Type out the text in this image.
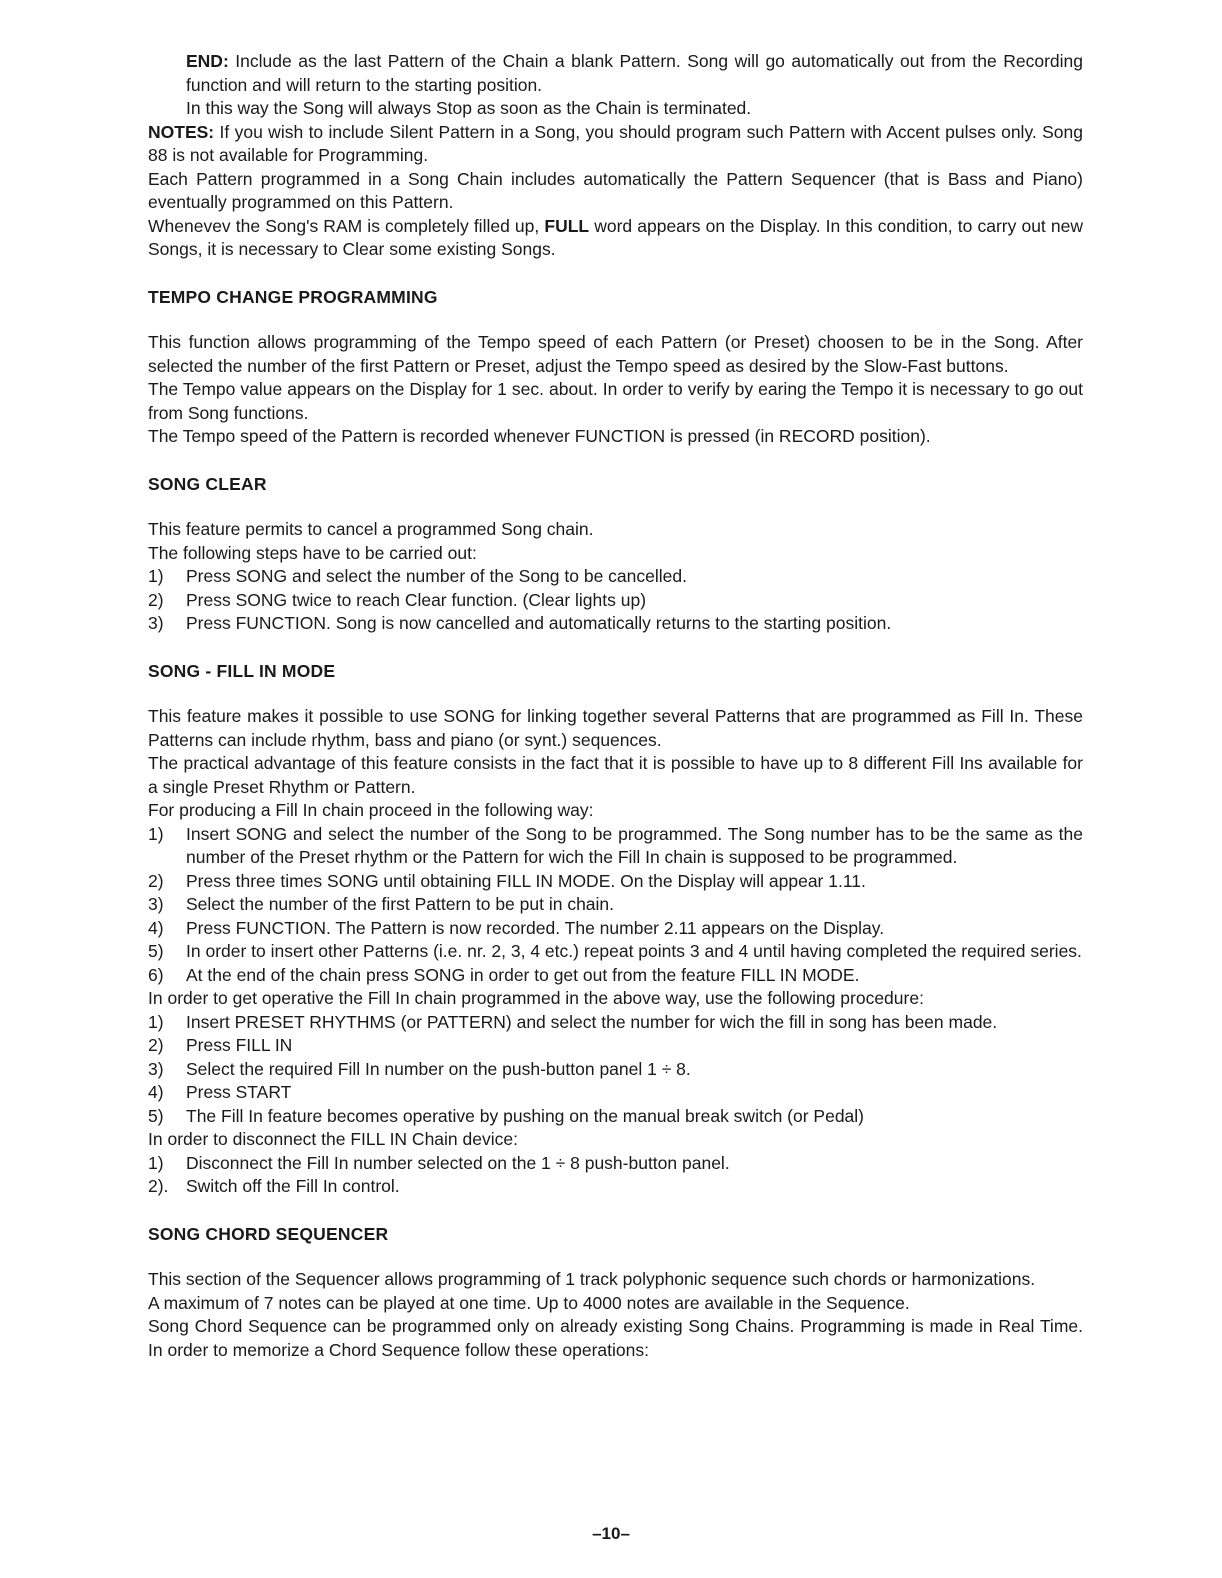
END: Include as the last Pattern of the Chain a blank Pattern. Song will go automatically out from the Recording function and will return to the starting position.

In this way the Song will always Stop as soon as the Chain is terminated.

NOTES: If you wish to include Silent Pattern in a Song, you should program such Pattern with Accent pulses only. Song 88 is not available for Programming.

Each Pattern programmed in a Song Chain includes automatically the Pattern Sequencer (that is Bass and Piano) eventually programmed on this Pattern.

Whenevev the Song's RAM is completely filled up, FULL word appears on the Display. In this condition, to carry out new Songs, it is necessary to Clear some existing Songs.

TEMPO CHANGE PROGRAMMING

This function allows programming of the Tempo speed of each Pattern (or Preset) choosen to be in the Song. After selected the number of the first Pattern or Preset, adjust the Tempo speed as desired by the Slow-Fast buttons.

The Tempo value appears on the Display for 1 sec. about. In order to verify by earing the Tempo it is necessary to go out from Song functions.

The Tempo speed of the Pattern is recorded whenever FUNCTION is pressed (in RECORD position).

SONG CLEAR

This feature permits to cancel a programmed Song chain.

The following steps have to be carried out:

1) Press SONG and select the number of the Song to be cancelled.
2) Press SONG twice to reach Clear function. (Clear lights up)
3) Press FUNCTION. Song is now cancelled and automatically returns to the starting position.
SONG - FILL IN MODE

This feature makes it possible to use SONG for linking together several Patterns that are programmed as Fill In. These Patterns can include rhythm, bass and piano (or synt.) sequences.

The practical advantage of this feature consists in the fact that it is possible to have up to 8 different Fill Ins available for a single Preset Rhythm or Pattern.

For producing a Fill In chain proceed in the following way:

1) Insert SONG and select the number of the Song to be programmed. The Song number has to be the same as the number of the Preset rhythm or the Pattern for wich the Fill In chain is supposed to be programmed.
2) Press three times SONG until obtaining FILL IN MODE. On the Display will appear 1.11.
3) Select the number of the first Pattern to be put in chain.
4) Press FUNCTION. The Pattern is now recorded. The number 2.11 appears on the Display.
5) In order to insert other Patterns (i.e. nr. 2, 3, 4 etc.) repeat points 3 and 4 until having completed the required series.
6) At the end of the chain press SONG in order to get out from the feature FILL IN MODE.

In order to get operative the Fill In chain programmed in the above way, use the following procedure:

1) Insert PRESET RHYTHMS (or PATTERN) and select the number for wich the fill in song has been made.
2) Press FILL IN
3) Select the required Fill In number on the push-button panel 1 ÷ 8.
4) Press START
5) The Fill In feature becomes operative by pushing on the manual break switch (or Pedal)

In order to disconnect the FILL IN Chain device:

1) Disconnect the Fill In number selected on the 1 ÷ 8 push-button panel.
2). Switch off the Fill In control.
SONG CHORD SEQUENCER

This section of the Sequencer allows programming of 1 track polyphonic sequence such chords or harmonizations.

A maximum of 7 notes can be played at one time. Up to 4000 notes are available in the Sequence.

Song Chord Sequence can be programmed only on already existing Song Chains. Programming is made in Real Time. In order to memorize a Chord Sequence follow these operations:

–10–
